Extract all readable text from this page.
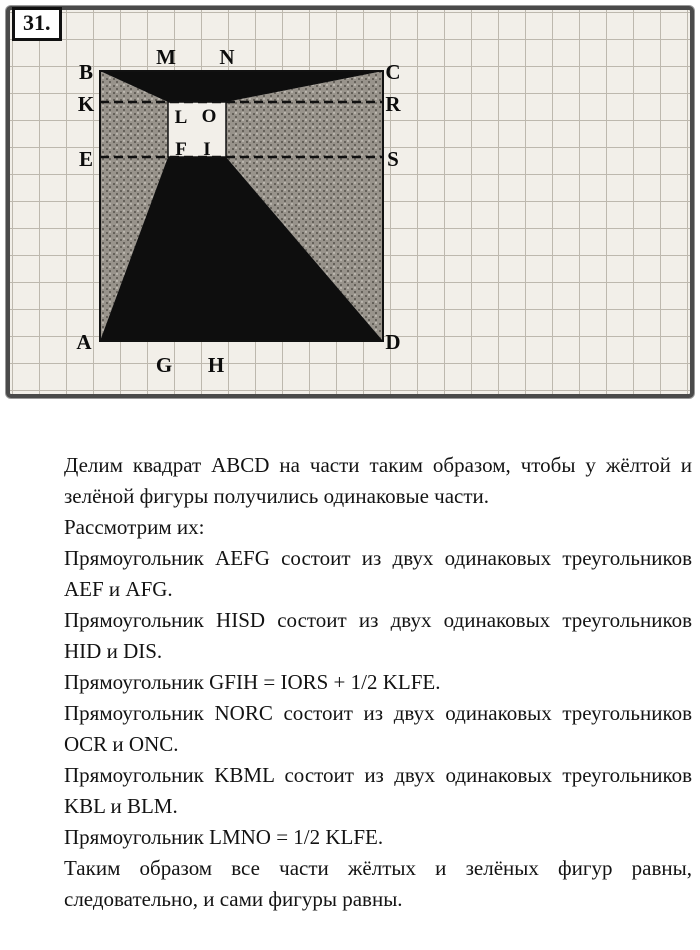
B	C
K	R
E	S
A	D
M N
G H
L O
F I
31.

Делим квадрат ABCD на части таким образом, чтобы у жёлтой и зелёной фигуры получились одинаковые части.

Рассмотрим их:

Прямоугольник AEFG состоит из двух одинаковых треугольников AEF и AFG.

Прямоугольник HISD состоит из двух одинаковых треугольников HID и DIS.

Прямоугольник GFIH = IORS + 1/2 KLFE.

Прямоугольник NORC состоит из двух одинаковых треугольников OCR и ONC.

Прямоугольник KBML состоит из двух одинаковых треугольников KBL и BLM.

Прямоугольник LMNO = 1/2 KLFE.

Таким образом все части жёлтых и зелёных фигур равны, следовательно, и сами фигуры равны.
